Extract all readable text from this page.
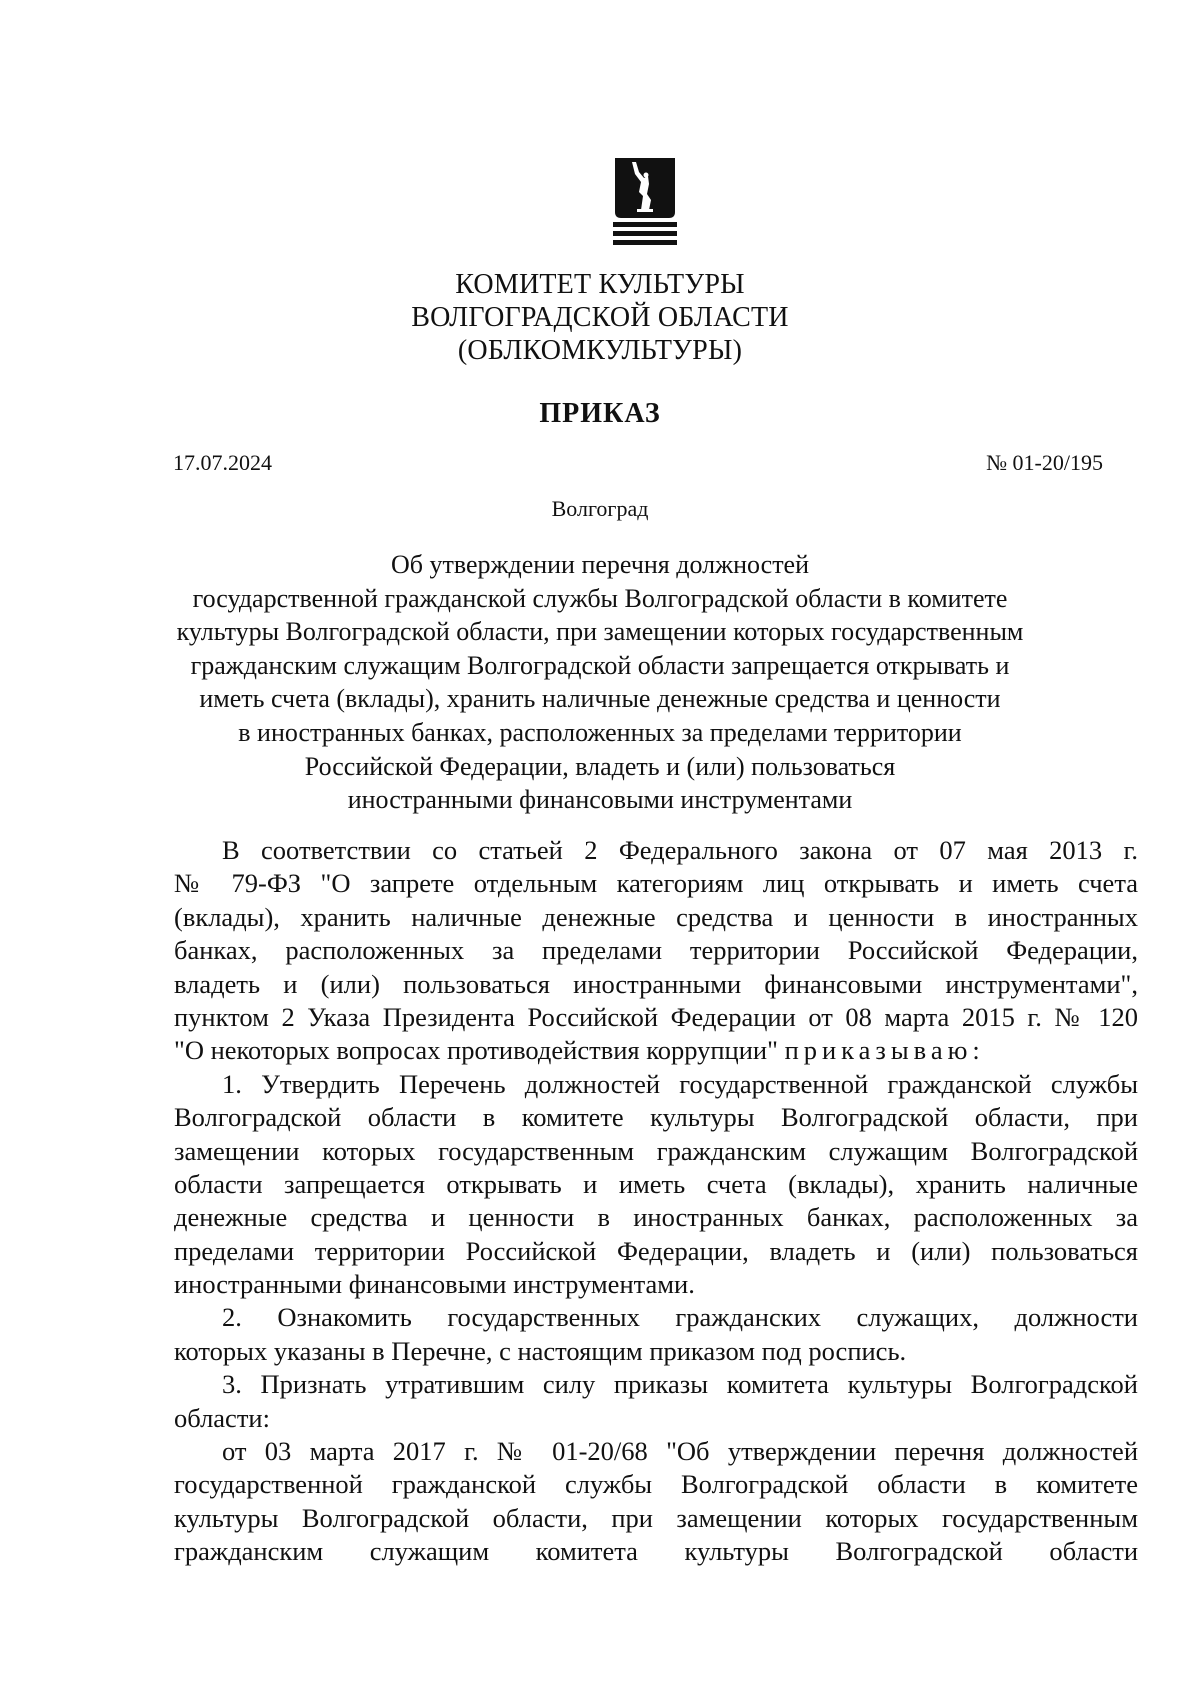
КОМИТЕТ КУЛЬТУРЫ
ВОЛГОГРАДСКОЙ ОБЛАСТИ
(ОБЛКОМКУЛЬТУРЫ)
ПРИКАЗ
17.07.2024	№ 01-20/195
Волгоград
Об утверждении перечня должностей
государственной гражданской службы Волгоградской области в комитете
культуры Волгоградской области, при замещении которых государственным
гражданским служащим Волгоградской области запрещается открывать и
иметь счета (вклады), хранить наличные денежные средства и ценности
в иностранных банках, расположенных за пределами территории
Российской Федерации, владеть и (или) пользоваться
иностранными финансовыми инструментами
В соответствии со статьей 2 Федерального закона от 07 мая 2013 г.
№ 79-ФЗ "О запрете отдельным категориям лиц открывать и иметь счета
(вклады), хранить наличные денежные средства и ценности в иностранных
банках, расположенных за пределами территории Российской Федерации,
владеть и (или) пользоваться иностранными финансовыми инструментами",
пунктом 2 Указа Президента Российской Федерации от 08 марта 2015 г. № 120
"О некоторых вопросах противодействия коррупции" приказываю:
1. Утвердить Перечень должностей государственной гражданской службы
Волгоградской области в комитете культуры Волгоградской области, при
замещении которых государственным гражданским служащим Волгоградской
области запрещается открывать и иметь счета (вклады), хранить наличные
денежные средства и ценности в иностранных банках, расположенных за
пределами территории Российской Федерации, владеть и (или) пользоваться
иностранными финансовыми инструментами.
2. Ознакомить государственных гражданских служащих, должности
которых указаны в Перечне, с настоящим приказом под роспись.
3. Признать утратившим силу приказы комитета культуры Волгоградской
области:
от 03 марта 2017 г. № 01-20/68 "Об утверждении перечня должностей
государственной гражданской службы Волгоградской области в комитете
культуры Волгоградской области, при замещении которых государственным
гражданским служащим комитета культуры Волгоградской области
